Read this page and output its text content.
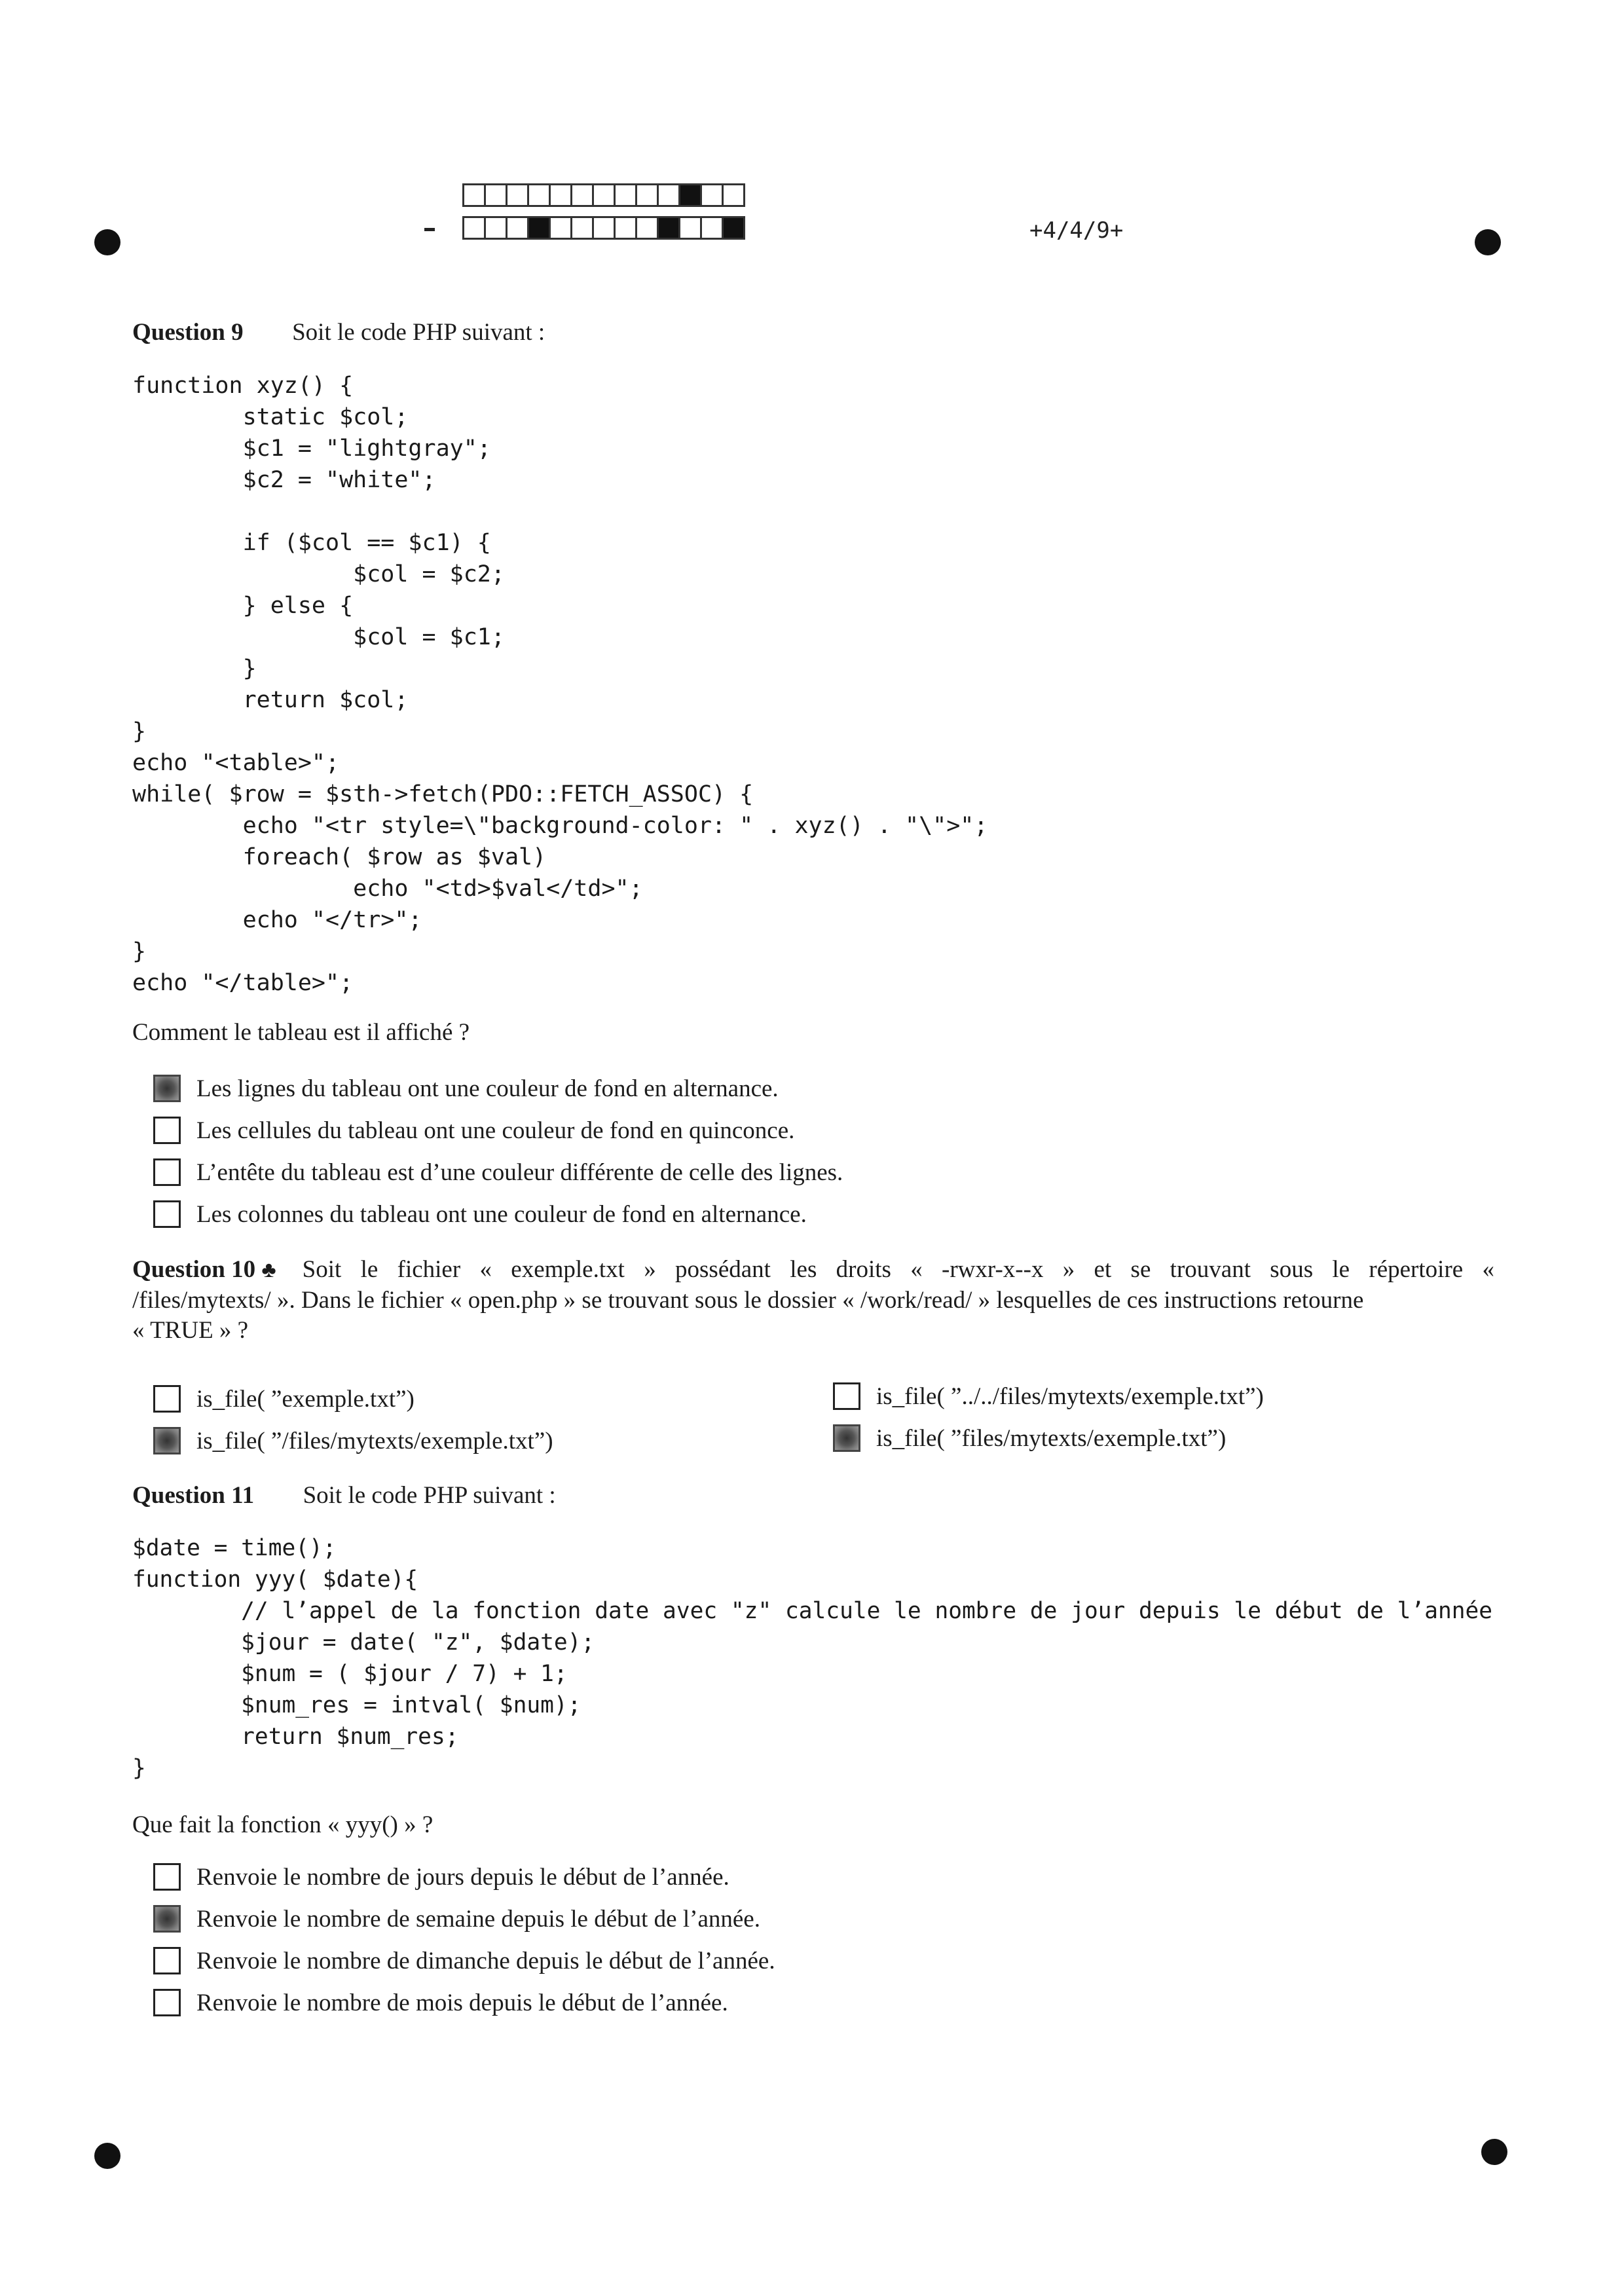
+4/4/9+
Question 9 Soit le code PHP suivant :
function xyz() {
static $col;
$c1 = "lightgray";
$c2 = "white";

if ($col == $c1) {
$col = $c2;
} else {
$col = $c1;
}
return $col;
}
echo "<table>";
while( $row = $sth->fetch(PDO::FETCH_ASSOC) {
echo "<tr style=\"background-color: " . xyz() . "\">";
foreach( $row as $val)
echo "<td>$val</td>";
echo "</tr>";
}
echo "</table>";
Comment le tableau est il affiché ?
Les lignes du tableau ont une couleur de fond en alternance.
Les cellules du tableau ont une couleur de fond en quinconce.
L’entête du tableau est d’une couleur différente de celle des lignes.
Les colonnes du tableau ont une couleur de fond en alternance.
Question 10 ♣	Soit le fichier « exemple.txt » possédant les droits « -rwxr-x--x » et se trouvant sous le répertoire «
/files/mytexts/ ». Dans le fichier « open.php » se trouvant sous le dossier « /work/read/ » lesquelles de ces instructions retourne
« TRUE » ?
is_file( ”exemple.txt”)
is_file( ”/files/mytexts/exemple.txt”)
is_file( ”../../files/mytexts/exemple.txt”)
is_file( ”files/mytexts/exemple.txt”)
Question 11 Soit le code PHP suivant :
$date = time();
function yyy( $date){
// l’appel de la fonction date avec "z" calcule le nombre de jour depuis le début de l’année
$jour = date( "z", $date);
$num = ( $jour / 7) + 1;
$num_res = intval( $num);
return $num_res;
}
Que fait la fonction « yyy() » ?
Renvoie le nombre de jours depuis le début de l’année.
Renvoie le nombre de semaine depuis le début de l’année.
Renvoie le nombre de dimanche depuis le début de l’année.
Renvoie le nombre de mois depuis le début de l’année.
